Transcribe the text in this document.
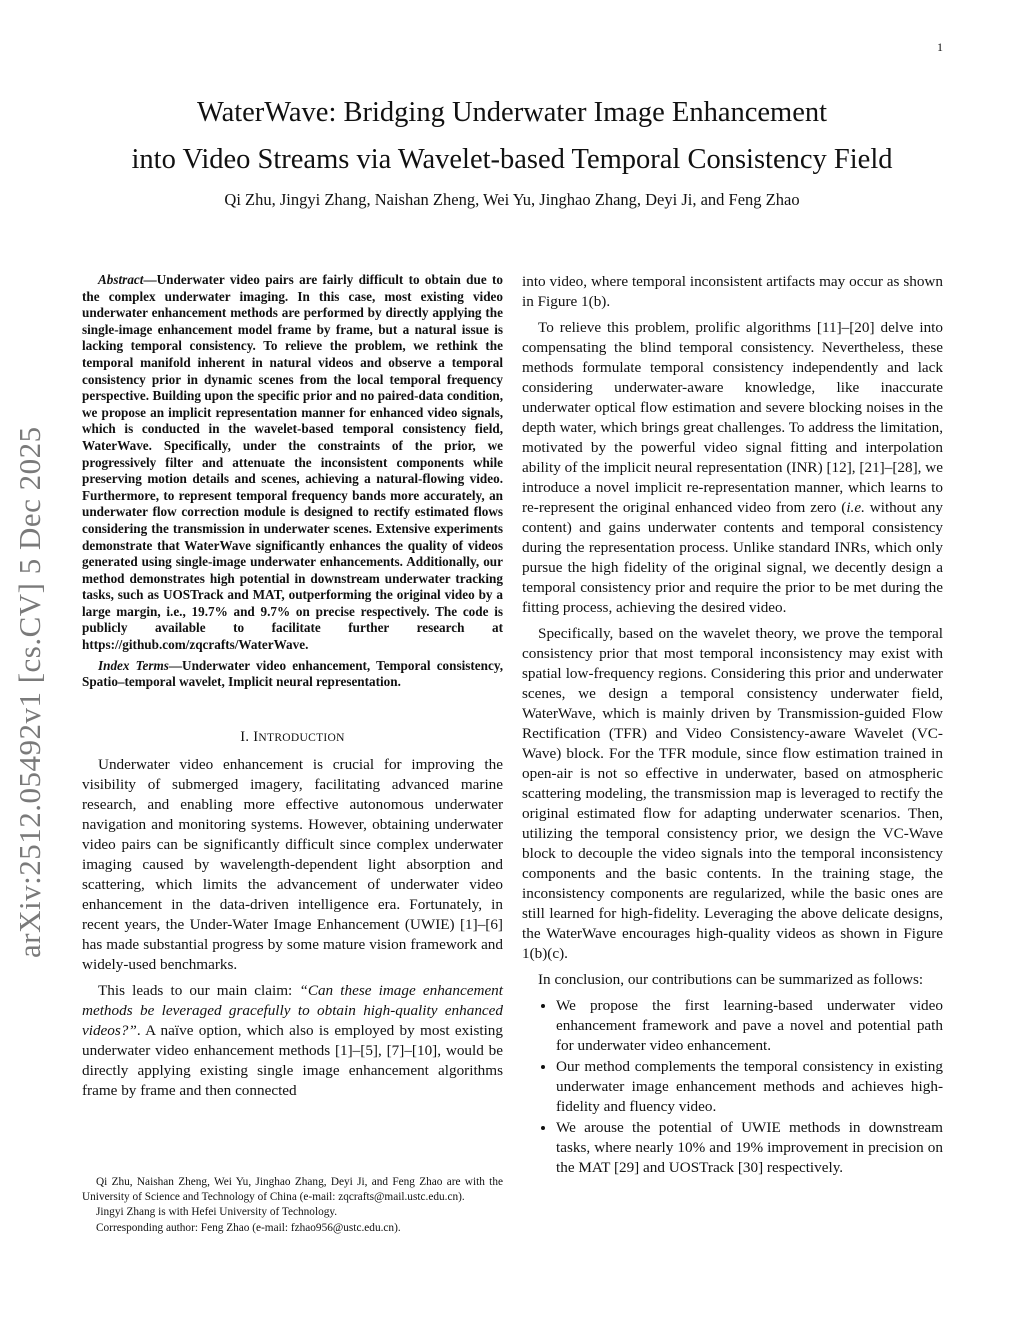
1
arXiv:2512.05492v1 [cs.CV] 5 Dec 2025
WaterWave: Bridging Underwater Image Enhancement
into Video Streams via Wavelet-based Temporal Consistency Field
Qi Zhu, Jingyi Zhang, Naishan Zheng, Wei Yu, Jinghao Zhang, Deyi Ji, and Feng Zhao

Abstract—Underwater video pairs are fairly difficult to obtain due to the complex underwater imaging. In this case, most existing video underwater enhancement methods are performed by directly applying the single-image enhancement model frame by frame, but a natural issue is lacking temporal consistency. To relieve the problem, we rethink the temporal manifold inherent in natural videos and observe a temporal consistency prior in dynamic scenes from the local temporal frequency perspective. Building upon the specific prior and no paired-data condition, we propose an implicit representation manner for enhanced video signals, which is conducted in the wavelet-based temporal consistency field, WaterWave. Specifically, under the constraints of the prior, we progressively filter and attenuate the inconsistent components while preserving motion details and scenes, achieving a natural-flowing video. Furthermore, to represent temporal frequency bands more accurately, an underwater flow correction module is designed to rectify estimated flows considering the transmission in underwater scenes. Extensive experiments demonstrate that WaterWave significantly enhances the quality of videos generated using single-image underwater enhancements. Additionally, our method demonstrates high potential in downstream underwater tracking tasks, such as UOSTrack and MAT, outperforming the original video by a large margin, i.e., 19.7% and 9.7% on precise respectively. The code is publicly available to facilitate further research at https://github.com/zqcrafts/WaterWave.

Index Terms—Underwater video enhancement, Temporal consistency, Spatio–temporal wavelet, Implicit neural representation.

I. INTRODUCTION

Underwater video enhancement is crucial for improving the visibility of submerged imagery, facilitating advanced marine research, and enabling more effective autonomous underwater navigation and monitoring systems. However, obtaining underwater video pairs can be significantly difficult since complex underwater imaging caused by wavelength-dependent light absorption and scattering, which limits the advancement of underwater video enhancement in the data-driven intelligence era. Fortunately, in recent years, the Under-Water Image Enhancement (UWIE) [1]–[6] has made substantial progress by some mature vision framework and widely-used benchmarks.

This leads to our main claim: “Can these image enhancement methods be leveraged gracefully to obtain high-quality enhanced videos?”. A naïve option, which also is employed by most existing underwater video enhancement methods [1]–[5], [7]–[10], would be directly applying existing single image enhancement algorithms frame by frame and then connected

Qi Zhu, Naishan Zheng, Wei Yu, Jinghao Zhang, Deyi Ji, and Feng Zhao are with the University of Science and Technology of China (e-mail: zqcrafts@mail.ustc.edu.cn).

Jingyi Zhang is with Hefei University of Technology.

Corresponding author: Feng Zhao (e-mail: fzhao956@ustc.edu.cn).

into video, where temporal inconsistent artifacts may occur as shown in Figure 1(b).

To relieve this problem, prolific algorithms [11]–[20] delve into compensating the blind temporal consistency. Nevertheless, these methods formulate temporal consistency independently and lack considering underwater-aware knowledge, like inaccurate underwater optical flow estimation and severe blocking noises in the depth water, which brings great challenges. To address the limitation, motivated by the powerful video signal fitting and interpolation ability of the implicit neural representation (INR) [12], [21]–[28], we introduce a novel implicit re-representation manner, which learns to re-represent the original enhanced video from zero (i.e. without any content) and gains underwater contents and temporal consistency during the representation process. Unlike standard INRs, which only pursue the high fidelity of the original signal, we decently design a temporal consistency prior and require the prior to be met during the fitting process, achieving the desired video.

Specifically, based on the wavelet theory, we prove the temporal consistency prior that most temporal inconsistency may exist with spatial low-frequency regions. Considering this prior and underwater scenes, we design a temporal consistency underwater field, WaterWave, which is mainly driven by Transmission-guided Flow Rectification (TFR) and Video Consistency-aware Wavelet (VC-Wave) block. For the TFR module, since flow estimation trained in open-air is not so effective in underwater, based on atmospheric scattering modeling, the transmission map is leveraged to rectify the original estimated flow for adapting underwater scenarios. Then, utilizing the temporal consistency prior, we design the VC-Wave block to decouple the video signals into the temporal inconsistency components and the basic contents. In the training stage, the inconsistency components are regularized, while the basic ones are still learned for high-fidelity. Leveraging the above delicate designs, the WaterWave encourages high-quality videos as shown in Figure 1(b)(c).

In conclusion, our contributions can be summarized as follows:

• We propose the first learning-based underwater video enhancement framework and pave a novel and potential path for underwater video enhancement.
• Our method complements the temporal consistency in existing underwater image enhancement methods and achieves high-fidelity and fluency video.
• We arouse the potential of UWIE methods in downstream tasks, where nearly 10% and 19% improvement in precision on the MAT [29] and UOSTrack [30] respectively.
